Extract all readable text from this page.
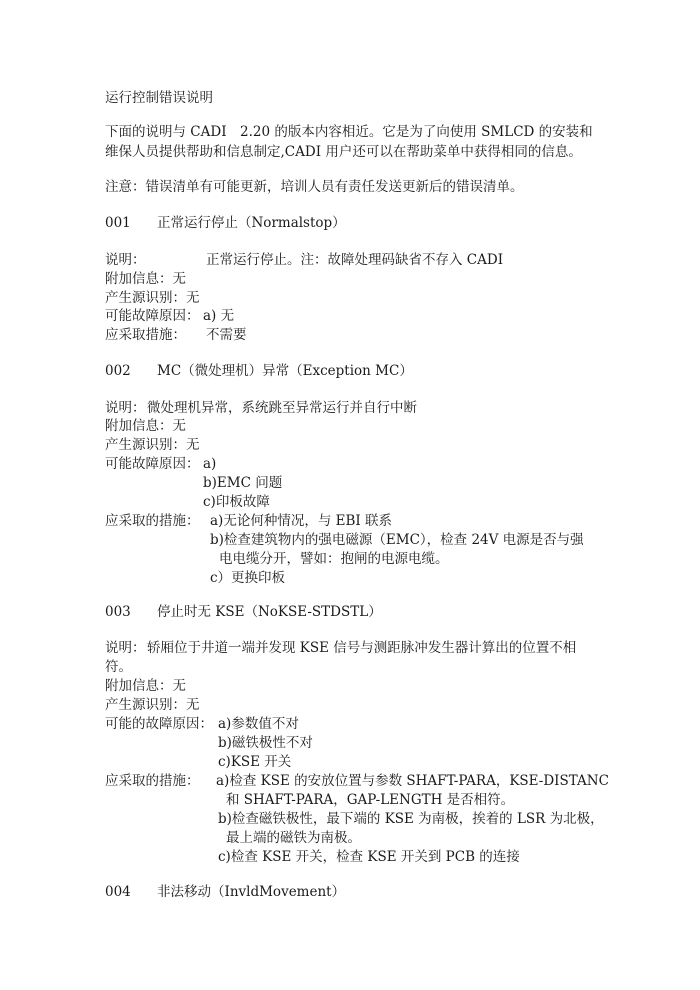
运行控制错误说明
下面的说明与 CADI　2.20 的版本内容相近。它是为了向使用 SMLCD 的安装和
维保人员提供帮助和信息制定,CADI 用户还可以在帮助菜单中获得相同的信息。
注意：错误清单有可能更新，培训人员有责任发送更新后的错误清单。
001 正常运行停止（Normalstop）
说明：	正常运行停止。注：故障处理码缺省不存入 CADI
附加信息：无
产生源识别：无
可能故障原因： a) 无
应采取措施： 不需要
002 MC（微处理机）异常（Exception MC）
说明： 微处理机异常，系统跳至异常运行并自行中断
附加信息：无
产生源识别：无
可能故障原因： a)
b)EMC 问题
c)印板故障
应采取的措施： a)无论何种情况，与 EBI 联系
b)检查建筑物内的强电磁源（EMC），检查 24V 电源是否与强
电电缆分开，譬如：抱闸的电源电缆。
c）更换印板
003 停止时无 KSE（NoKSE-STDSTL）
说明： 轿厢位于井道一端并发现 KSE 信号与测距脉冲发生器计算出的位置不相
符。
附加信息：无
产生源识别：无
可能的故障原因： a)参数值不对
b)磁铁极性不对
c)KSE 开关
应采取的措施： a)检查 KSE 的安放位置与参数 SHAFT-PARA，KSE-DISTANC
和 SHAFT-PARA，GAP-LENGTH 是否相符。
b)检查磁铁极性，最下端的 KSE 为南极，挨着的 LSR 为北极，
最上端的磁铁为南极。
c)检查 KSE 开关，检查 KSE 开关到 PCB 的连接
004 非法移动（InvldMovement）
